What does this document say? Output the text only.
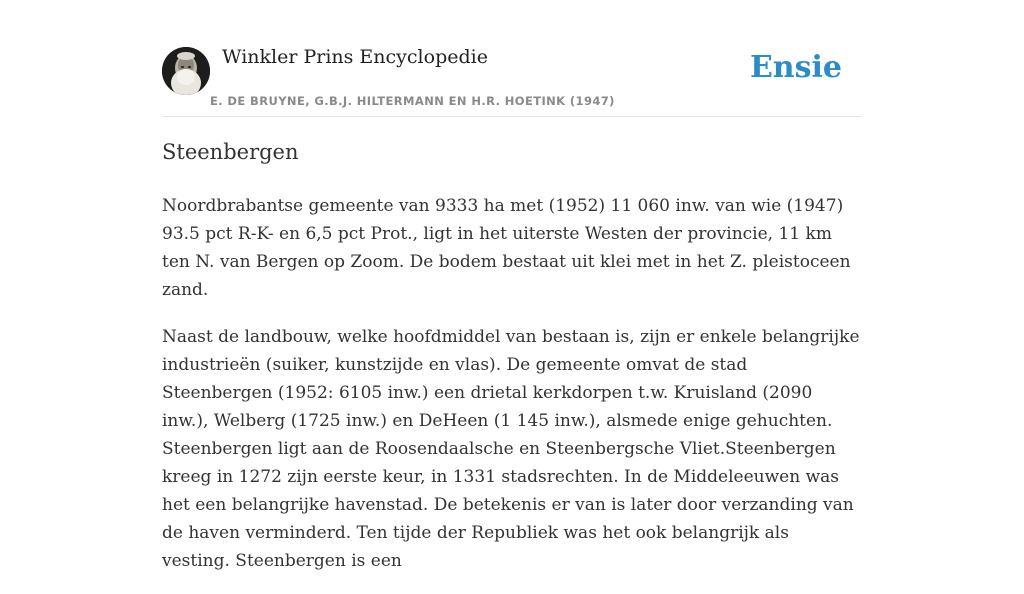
Winkler Prins Encyclopedie
E. DE BRUYNE, G.B.J. HILTERMANN EN H.R. HOETINK (1947)
Ensie
Steenbergen

Noordbrabantse gemeente van 9333 ha met (1952) 11 060 inw. van wie (1947) 93.5 pct R-K- en 6,5 pct Prot., ligt in het uiterste Westen der provincie, 11 km ten N. van Bergen op Zoom. De bodem bestaat uit klei met in het Z. pleistoceen zand.

Naast de landbouw, welke hoofdmiddel van bestaan is, zijn er enkele belangrijke industrieën (suiker, kunstzijde en vlas). De gemeente omvat de stad Steenbergen (1952: 6105 inw.) een drietal kerkdorpen t.w. Kruisland (2090 inw.), Welberg (1725 inw.) en DeHeen (1 145 inw.), alsmede enige gehuchten. Steenbergen ligt aan de Roosendaalsche en Steenbergsche Vliet.Steenbergen kreeg in 1272 zijn eerste keur, in 1331 stadsrechten. In de Middeleeuwen was het een belangrijke havenstad. De betekenis er van is later door verzanding van de haven verminderd. Ten tijde der Republiek was het ook belangrijk als vesting. Steenbergen is een
